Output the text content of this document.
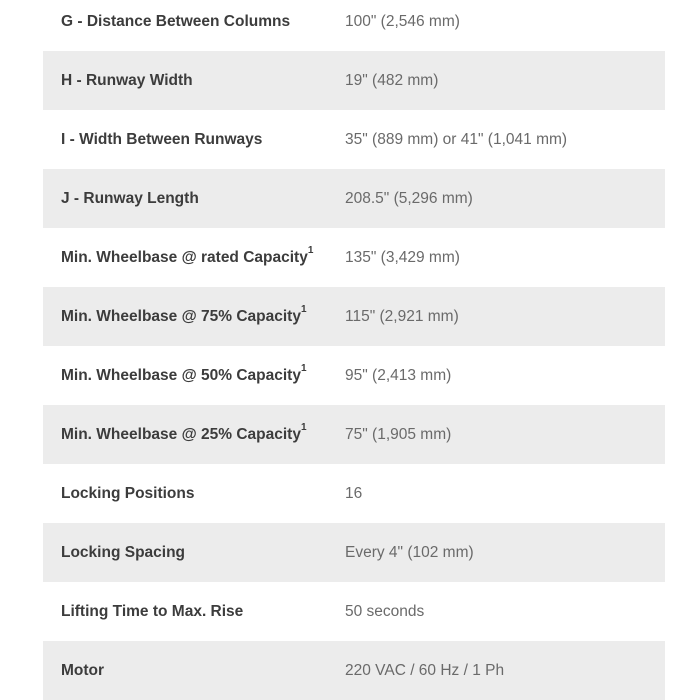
G - Distance Between Columns	100" (2,546 mm)
H - Runway Width	19" (482 mm)
I - Width Between Runways	35" (889 mm) or 41" (1,041 mm)
J - Runway Length	208.5" (5,296 mm)
Min. Wheelbase @ rated Capacity$^1$	135" (3,429 mm)
Min. Wheelbase @ 75% Capacity$^1$	115" (2,921 mm)
Min. Wheelbase @ 50% Capacity$^1$	95" (2,413 mm)
Min. Wheelbase @ 25% Capacity$^1$	75" (1,905 mm)
Locking Positions	16
Locking Spacing	Every 4" (102 mm)
Lifting Time to Max. Rise	50 seconds
Motor	220 VAC / 60 Hz / 1 Ph
